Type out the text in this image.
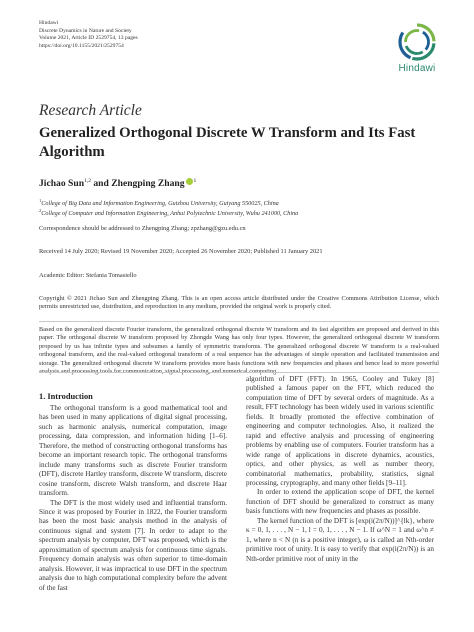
Hindawi
Discrete Dynamics in Nature and Society
Volume 2021, Article ID 2529754, 13 pages
https://doi.org/10.1155/2021/2529754
Hindawi
Research Article
Generalized Orthogonal Discrete W Transform and Its Fast Algorithm
Jichao Sun$^{1,2}$ and Zhengping Zhang $^1$
$^1$College of Big Data and Information Engineering, Guizhou University, Guiyang 550025, China
$^2$College of Computer and Information Engineering, Anhui Polytechnic University, Wuhu 241000, China
Correspondence should be addressed to Zhengping Zhang; zpzhang@gzu.edu.cn
Received 14 July 2020; Revised 19 November 2020; Accepted 26 November 2020; Published 11 January 2021
Academic Editor: Stefania Tomasiello
Copyright © 2021 Jichao Sun and Zhengping Zhang. This is an open access article distributed under the Creative Commons Attribution License, which permits unrestricted use, distribution, and reproduction in any medium, provided the original work is properly cited.
Based on the generalized discrete Fourier transform, the generalized orthogonal discrete W transform and its fast algorithm are proposed and derived in this paper. The orthogonal discrete W transform proposed by Zhongde Wang has only four types. However, the generalized orthogonal discrete W transform proposed by us has infinite types and subsumes a family of symmetric transforms. The generalized orthogonal discrete W transform is a real-valued orthogonal transform, and the real-valued orthogonal transform of a real sequence has the advantages of simple operation and facilitated transmission and storage. The generalized orthogonal discrete W transform provides more basis functions with new frequencies and phases and hence lead to more powerful analysis and processing tools for communication, signal processing, and numerical computing.
1. Introduction

The orthogonal transform is a good mathematical tool and has been used in many applications of digital signal processing, such as harmonic analysis, numerical computation, image processing, data compression, and information hiding [1–6]. Therefore, the method of constructing orthogonal transforms has become an important research topic. The orthogonal transforms include many transforms such as discrete Fourier transform (DFT), discrete Hartley transform, discrete W transform, discrete cosine transform, discrete Walsh transform, and discrete Haar transform.

The DFT is the most widely used and influential transform. Since it was proposed by Fourier in 1822, the Fourier transform has been the most basic analysis method in the analysis of continuous signal and system [7]. In order to adapt to the spectrum analysis by computer, DFT was proposed, which is the approximation of spectrum analysis for continuous time signals. Frequency domain analysis was often superior to time-domain analysis. However, it was impractical to use DFT in the spectrum analysis due to high computational complexity before the advent of the fast

algorithm of DFT (FFT). In 1965, Cooley and Tukey [8] published a famous paper on the FFT, which reduced the computation time of DFT by several orders of magnitude. As a result, FFT technology has been widely used in various scientific fields. It broadly promoted the effective combination of engineering and computer technologies. Also, it realized the rapid and effective analysis and processing of engineering problems by enabling use of computers. Fourier transform has a wide range of applications in discrete dynamics, acoustics, optics, and other physics, as well as number theory, combinatorial mathematics, probability, statistics, signal processing, cryptography, and many other fields [9–11].

In order to extend the application scope of DFT, the kernel function of DFT should be generalized to construct as many basis functions with new frequencies and phases as possible.

The kernel function of the DFT is [exp(i(2π/N))]^{lk}, where κ = 0, 1, . . . , N − 1, l = 0, 1, . . . , N − 1. If ω^N = 1 and ω^n ≠ 1, where n < N (n is a positive integer), ω is called an Nth-order primitive root of unity. It is easy to verify that exp(i(2π/N)) is an Nth-order primitive root of unity in the
